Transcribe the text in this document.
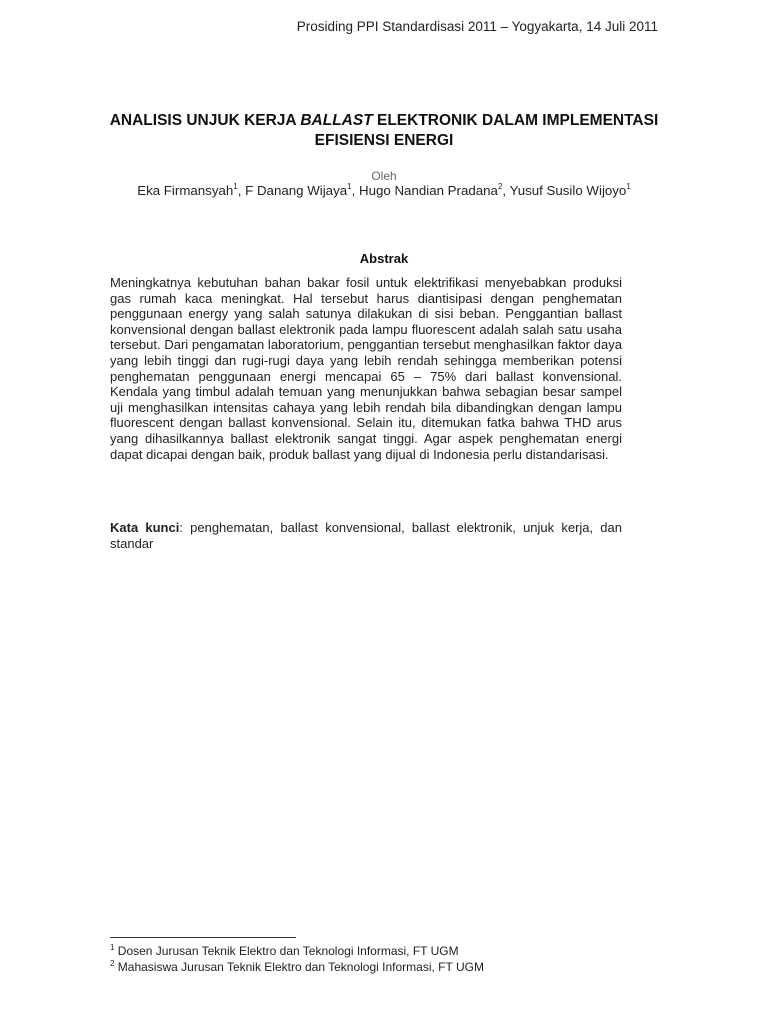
Prosiding PPI Standardisasi 2011 – Yogyakarta, 14 Juli 2011
ANALISIS UNJUK KERJA BALLAST ELEKTRONIK DALAM IMPLEMENTASI EFISIENSI ENERGI
Oleh
Eka Firmansyah$^1$, F Danang Wijaya$^1$, Hugo Nandian Pradana$^2$, Yusuf Susilo Wijoyo$^1$
Abstrak
Meningkatnya kebutuhan bahan bakar fosil untuk elektrifikasi menyebabkan produksi gas rumah kaca meningkat. Hal tersebut harus diantisipasi dengan penghematan penggunaan energy yang salah satunya dilakukan di sisi beban. Penggantian ballast konvensional dengan ballast elektronik pada lampu fluorescent adalah salah satu usaha tersebut. Dari pengamatan laboratorium, penggantian tersebut menghasilkan faktor daya yang lebih tinggi dan rugi-rugi daya yang lebih rendah sehingga memberikan potensi penghematan penggunaan energi mencapai 65 – 75% dari ballast konvensional. Kendala yang timbul adalah temuan yang menunjukkan bahwa sebagian besar sampel uji menghasilkan intensitas cahaya yang lebih rendah bila dibandingkan dengan lampu fluorescent dengan ballast konvensional. Selain itu, ditemukan fatka bahwa THD arus yang dihasilkannya ballast elektronik sangat tinggi. Agar aspek penghematan energi dapat dicapai dengan baik, produk ballast yang dijual di Indonesia perlu distandarisasi.
Kata kunci: penghematan, ballast konvensional, ballast elektronik, unjuk kerja, dan standar
$^1$ Dosen Jurusan Teknik Elektro dan Teknologi Informasi, FT UGM
$^2$ Mahasiswa Jurusan Teknik Elektro dan Teknologi Informasi, FT UGM
